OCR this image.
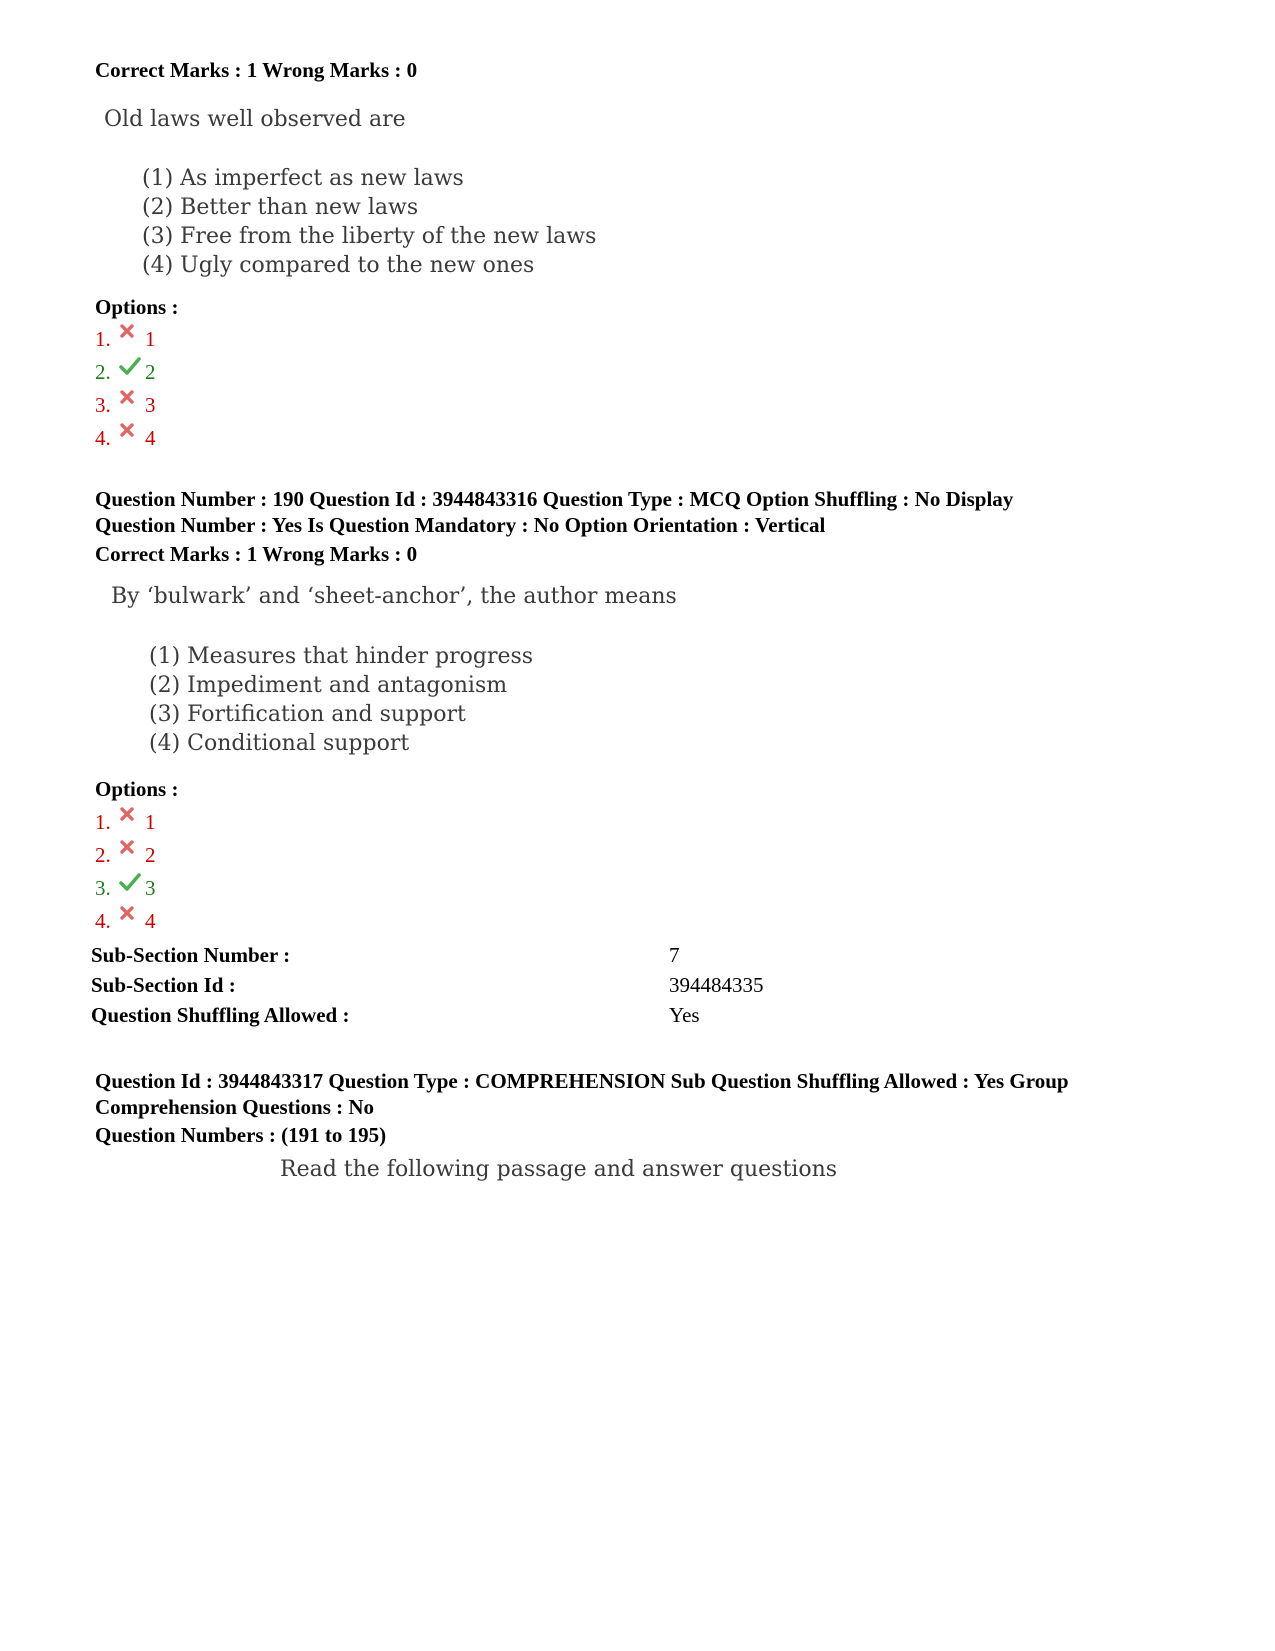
Correct Marks : 1 Wrong Marks : 0
Old laws well observed are
(1) As imperfect as new laws
(2) Better than new laws
(3) Free from the liberty of the new laws
(4) Ugly compared to the new ones
Options :
1.	1
2.	2
3.	3
4.	4
Question Number : 190 Question Id : 3944843316 Question Type : MCQ Option Shuffling : No Display
Question Number : Yes Is Question Mandatory : No Option Orientation : Vertical
Correct Marks : 1 Wrong Marks : 0
By ‘bulwark’ and ‘sheet-anchor’, the author means
(1) Measures that hinder progress
(2) Impediment and antagonism
(3) Fortification and support
(4) Conditional support
Options :
1.	1
2.	2
3.	3
4.	4
Sub-Section Number :	7
Sub-Section Id :	394484335
Question Shuffling Allowed :	Yes
Question Id : 3944843317 Question Type : COMPREHENSION Sub Question Shuffling Allowed : Yes Group
Comprehension Questions : No
Question Numbers : (191 to 195)
Read the following passage and answer questions
